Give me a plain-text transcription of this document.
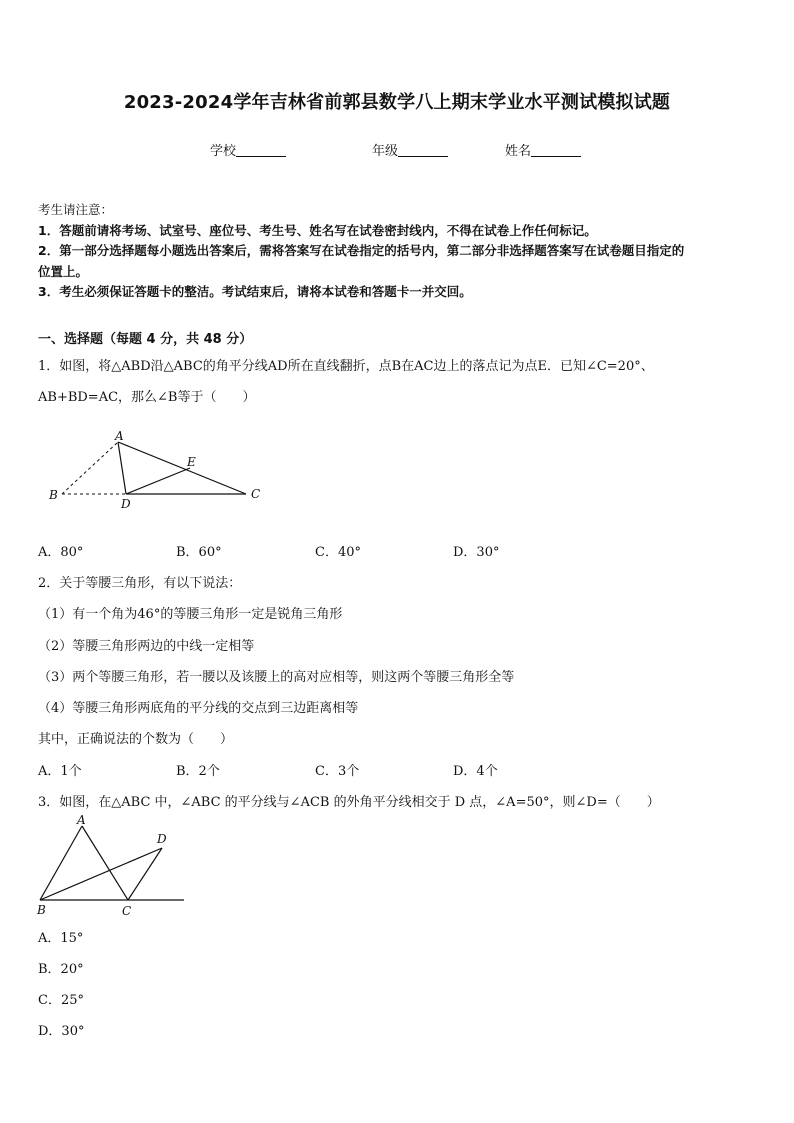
2023-2024学年吉林省前郭县数学八上期末学业水平测试模拟试题
学校	年级	姓名
考生请注意：
1．答题前请将考场、试室号、座位号、考生号、姓名写在试卷密封线内，不得在试卷上作任何标记。
2．第一部分选择题每小题选出答案后，需将答案写在试卷指定的括号内，第二部分非选择题答案写在试卷题目指定的
位置上。
3．考生必须保证答题卡的整洁。考试结束后，请将本试卷和答题卡一并交回。
一、选择题（每题 4 分，共 48 分）
1．如图，将△ABD沿△ABC的角平分线AD所在直线翻折，点B在AC边上的落点记为点E．已知∠C=20°、
AB+BD=AC，那么∠B等于（　　）
A
B	C
D
E
A．80°	B．60°	C．40°	D．30°
2．关于等腰三角形，有以下说法：
（1）有一个角为46°的等腰三角形一定是锐角三角形
（2）等腰三角形两边的中线一定相等
（3）两个等腰三角形，若一腰以及该腰上的高对应相等，则这两个等腰三角形全等
（4）等腰三角形两底角的平分线的交点到三边距离相等
其中，正确说法的个数为（　　）
A．1个	B．2个	C．3个	D．4个
3．如图，在△ABC 中，∠ABC 的平分线与∠ACB 的外角平分线相交于 D 点，∠A=50°，则∠D=（　　）
A
B	C
D
A．15°
B．20°
C．25°
D．30°
